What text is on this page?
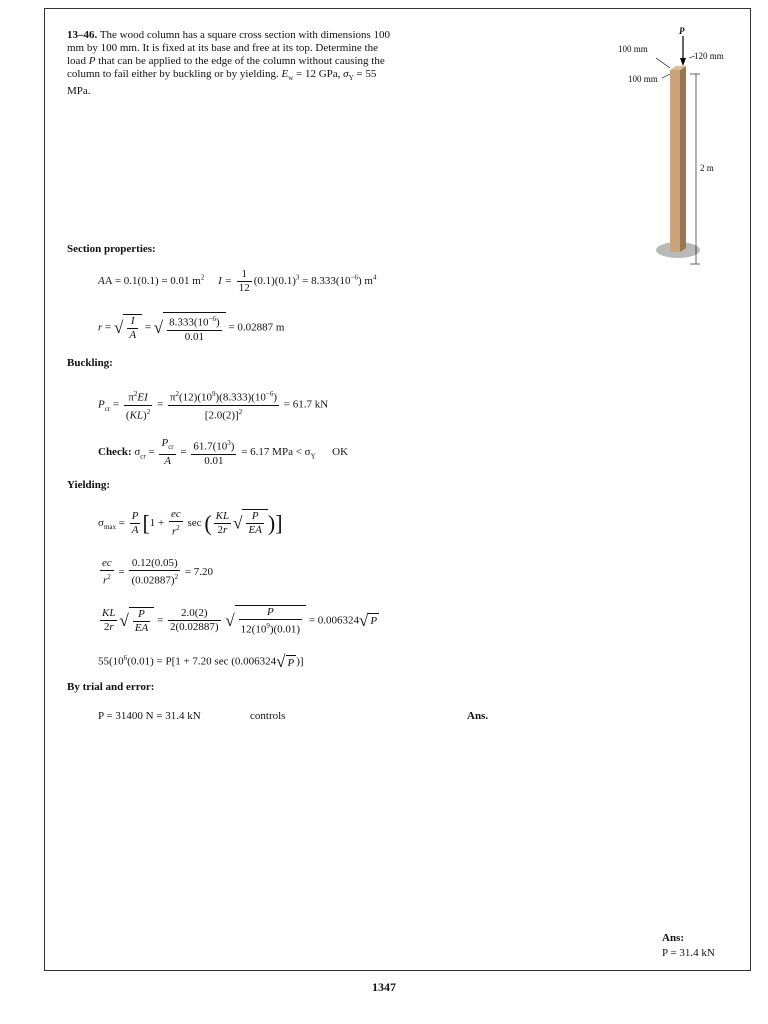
13–46. The wood column has a square cross section with dimensions 100 mm by 100 mm. It is fixed at its base and free at its top. Determine the load P that can be applied to the edge of the column without causing the column to fail either by buckling or by yielding. $E_w = 12$ GPa, $\sigma_Y = 55$ MPa.
P
100 mm
120 mm
100 mm
2 m
Section properties:
AA = 0.1(0.1) = 0.01 $m^2$ $I = \frac{1}{12} (0.1)(0.1)^3 = 8.333(10^{-6})$ $m^4$
r = √ $\frac{I}{A}$ = √ $\frac{8.333(10^{-6})}{0.01} = 0.02887$ m
Buckling:
$P_{cr} = \frac{\pi^2EI}{(KL)^2} = \frac{\pi^2(12)(10^9)(8.333)(10^{-6})}{[2.0(2)]^2} = 61.7$ kN
Check: $\sigma_{cr} = \frac{P_{cr}}{A} = \frac{61.7(10^3)}{0.01} = 6.17$ MPa < $\sigma_Y$ OK
Yielding:
$\sigma_{max} = \frac{P}{A} [1 + \frac{ec}{r^2}$ sec ( $\frac{KL}{2r}$ √ $\frac{P}{EA}$ )]
$\frac{ec}{r^2} = \frac{0.12(0.05)}{(0.02887)^2} = 7.20$
$\frac{KL}{2r}$ √ $\frac{P}{EA} = \frac{2.0(2)}{2(0.02887)}$ √ $\frac{P}{12(10^9)(0.01)} = 0.006324√$ P
$55(10^6(0.01) = P[1 + 7.20$ sec (0.006324√ P )]
By trial and error:
P = 31400 N = 31.4 kN	controls	Ans.
Ans:
P = 31.4 kN
1347
